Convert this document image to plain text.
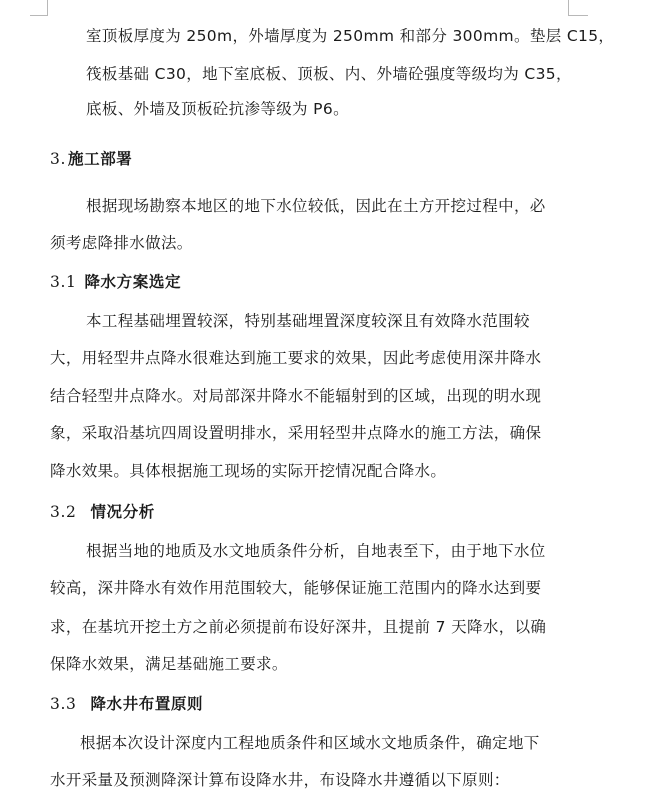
室顶板厚度为 250m，外墙厚度为 250mm 和部分 300mm。垫层 C15，
筏板基础 C30，地下室底板、顶板、内、外墙砼强度等级均为 C35，
底板、外墙及顶板砼抗渗等级为 P6。
3. 施工部署
根据现场勘察本地区的地下水位较低，因此在土方开挖过程中，必
须考虑降排水做法。
3.1 降水方案选定
本工程基础埋置较深，特别基础埋置深度较深且有效降水范围较
大，用轻型井点降水很难达到施工要求的效果，因此考虑使用深井降水
结合轻型井点降水。对局部深井降水不能辐射到的区域，出现的明水现
象，采取沿基坑四周设置明排水，采用轻型井点降水的施工方法，确保
降水效果。具体根据施工现场的实际开挖情况配合降水。
3.2 情况分析
根据当地的地质及水文地质条件分析，自地表至下，由于地下水位
较高，深井降水有效作用范围较大，能够保证施工范围内的降水达到要
求，在基坑开挖土方之前必须提前布设好深井，且提前 7 天降水，以确
保降水效果，满足基础施工要求。
3.3 降水井布置原则
根据本次设计深度内工程地质条件和区域水文地质条件，确定地下
水开采量及预测降深计算布设降水井，布设降水井遵循以下原则：
